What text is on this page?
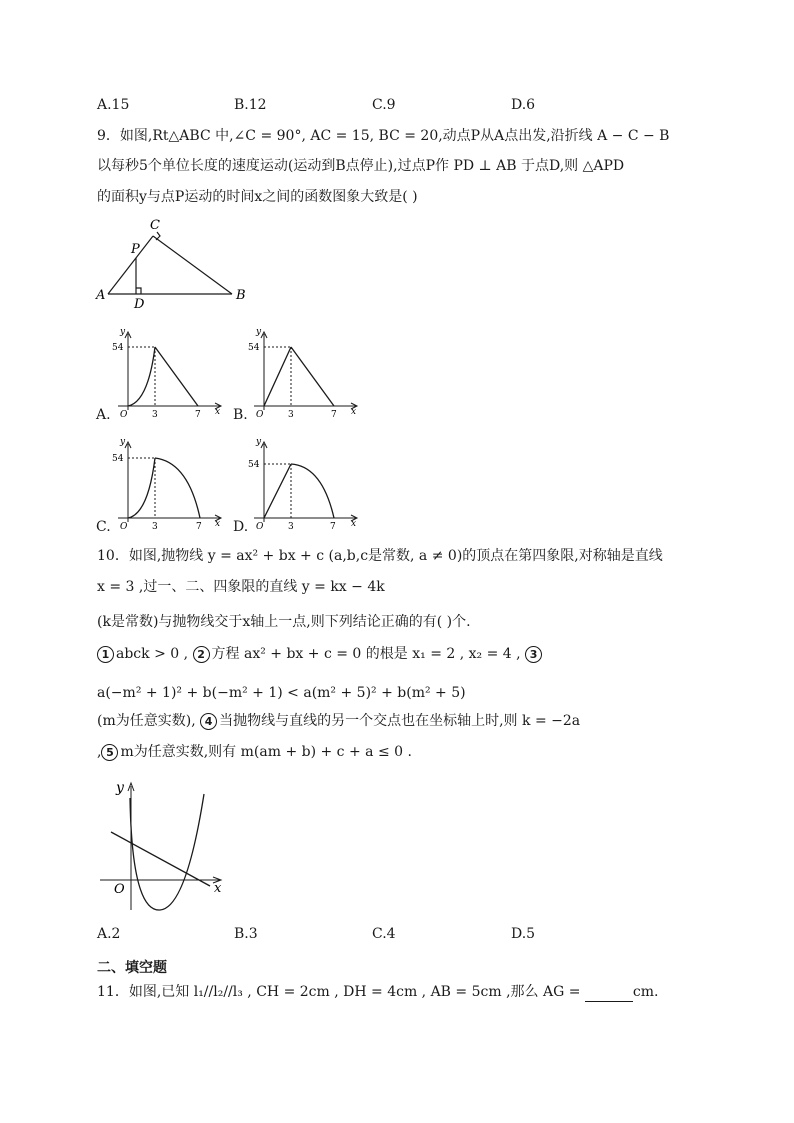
A.15	B.12	C.9	D.6
9．如图,Rt△ABC 中,∠C = 90°, AC = 15, BC = 20,动点P从A点出发,沿折线 A − C − B
以每秒5个单位长度的速度运动(运动到B点停止),过点P作 PD ⊥ AB 于点D,则 △APD
的面积y与点P运动的时间x之间的函数图象大致是( )
C
P
A
D
B
A.
y
54
O	3	7 x B.
y
54
O	3	7 x
C.
y
54
O	3	7 x D.
y
54
O	3	7 x
10．如图,抛物线 y = ax² + bx + c (a,b,c是常数, a ≠ 0)的顶点在第四象限,对称轴是直线
x = 3 ,过一、二、四象限的直线 y = kx − 4k
(k是常数)与抛物线交于x轴上一点,则下列结论正确的有( )个.
1 abck > 0 , 2 方程 ax² + bx + c = 0 的根是 x₁ = 2 , x₂ = 4 , 3
a(−m² + 1)² + b(−m² + 1) < a(m² + 5)² + b(m² + 5)
(m为任意实数), 4 当抛物线与直线的另一个交点也在坐标轴上时,则 k = −2a
, 5 m为任意实数,则有 m(am + b) + c + a ≤ 0 .
y
x
O
A.2	B.3	C.4	D.5
二、填空题
11．如图,已知 l₁//l₂//l₃ , CH = 2cm , DH = 4cm , AB = 5cm ,那么 AG =	cm.
